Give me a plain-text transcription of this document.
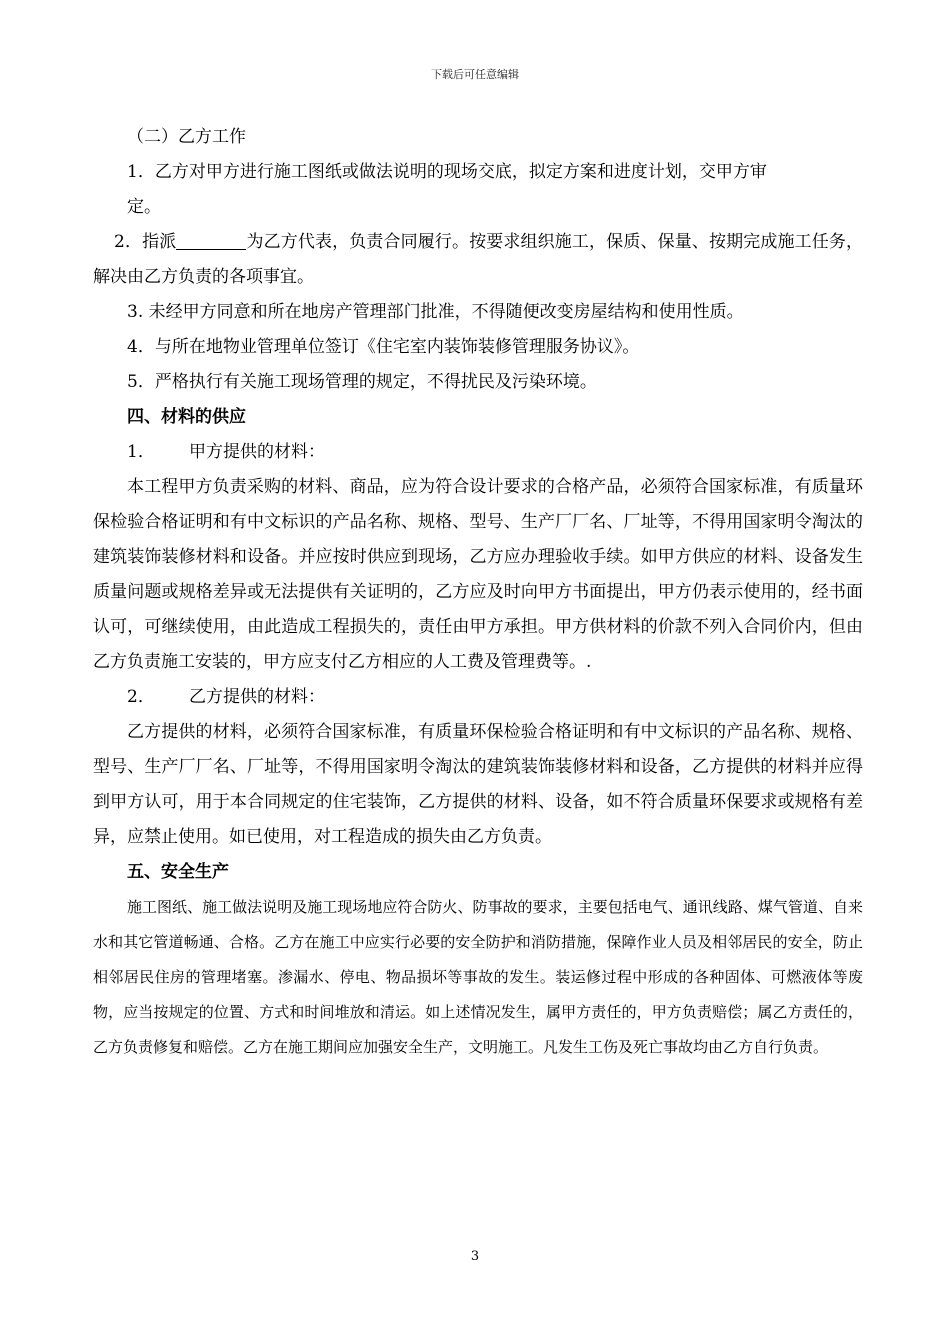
下载后可任意编辑

（二）乙方工作

1．乙方对甲方进行施工图纸或做法说明的现场交底，拟定方案和进度计划，交甲方审

定。

2．指派	为乙方代表，负责合同履行。按要求组织施工，保质、保量、按期完成施工任务，解决由乙方负责的各项事宜。

3. 未经甲方同意和所在地房产管理部门批准，不得随便改变房屋结构和使用性质。

4．与所在地物业管理单位签订《住宅室内装饰装修管理服务协议》。

5．严格执行有关施工现场管理的规定，不得扰民及污染环境。

四、材料的供应

1． 甲方提供的材料：

本工程甲方负责采购的材料、商品，应为符合设计要求的合格产品，必须符合国家标准，有质量环保检验合格证明和有中文标识的产品名称、规格、型号、生产厂厂名、厂址等，不得用国家明令淘汰的建筑装饰装修材料和设备。并应按时供应到现场，乙方应办理验收手续。如甲方供应的材料、设备发生质量问题或规格差异或无法提供有关证明的，乙方应及时向甲方书面提出，甲方仍表示使用的，经书面认可，可继续使用，由此造成工程损失的，责任由甲方承担。甲方供材料的价款不列入合同价内，但由乙方负责施工安装的，甲方应支付乙方相应的人工费及管理费等。.

2． 乙方提供的材料：

乙方提供的材料，必须符合国家标准，有质量环保检验合格证明和有中文标识的产品名称、规格、型号、生产厂厂名、厂址等，不得用国家明令淘汰的建筑装饰装修材料和设备，乙方提供的材料并应得到甲方认可，用于本合同规定的住宅装饰，乙方提供的材料、设备，如不符合质量环保要求或规格有差异，应禁止使用。如已使用，对工程造成的损失由乙方负责。

五、安全生产

施工图纸、施工做法说明及施工现场地应符合防火、防事故的要求，主要包括电气、通讯线路、煤气管道、自来水和其它管道畅通、合格。乙方在施工中应实行必要的安全防护和消防措施，保障作业人员及相邻居民的安全，防止相邻居民住房的管理堵塞。渗漏水、停电、物品损坏等事故的发生。装运修过程中形成的各种固体、可燃液体等废物，应当按规定的位置、方式和时间堆放和清运。如上述情况发生，属甲方责任的，甲方负责赔偿；属乙方责任的，乙方负责修复和赔偿。乙方在施工期间应加强安全生产，文明施工。凡发生工伤及死亡事故均由乙方自行负责。

3
